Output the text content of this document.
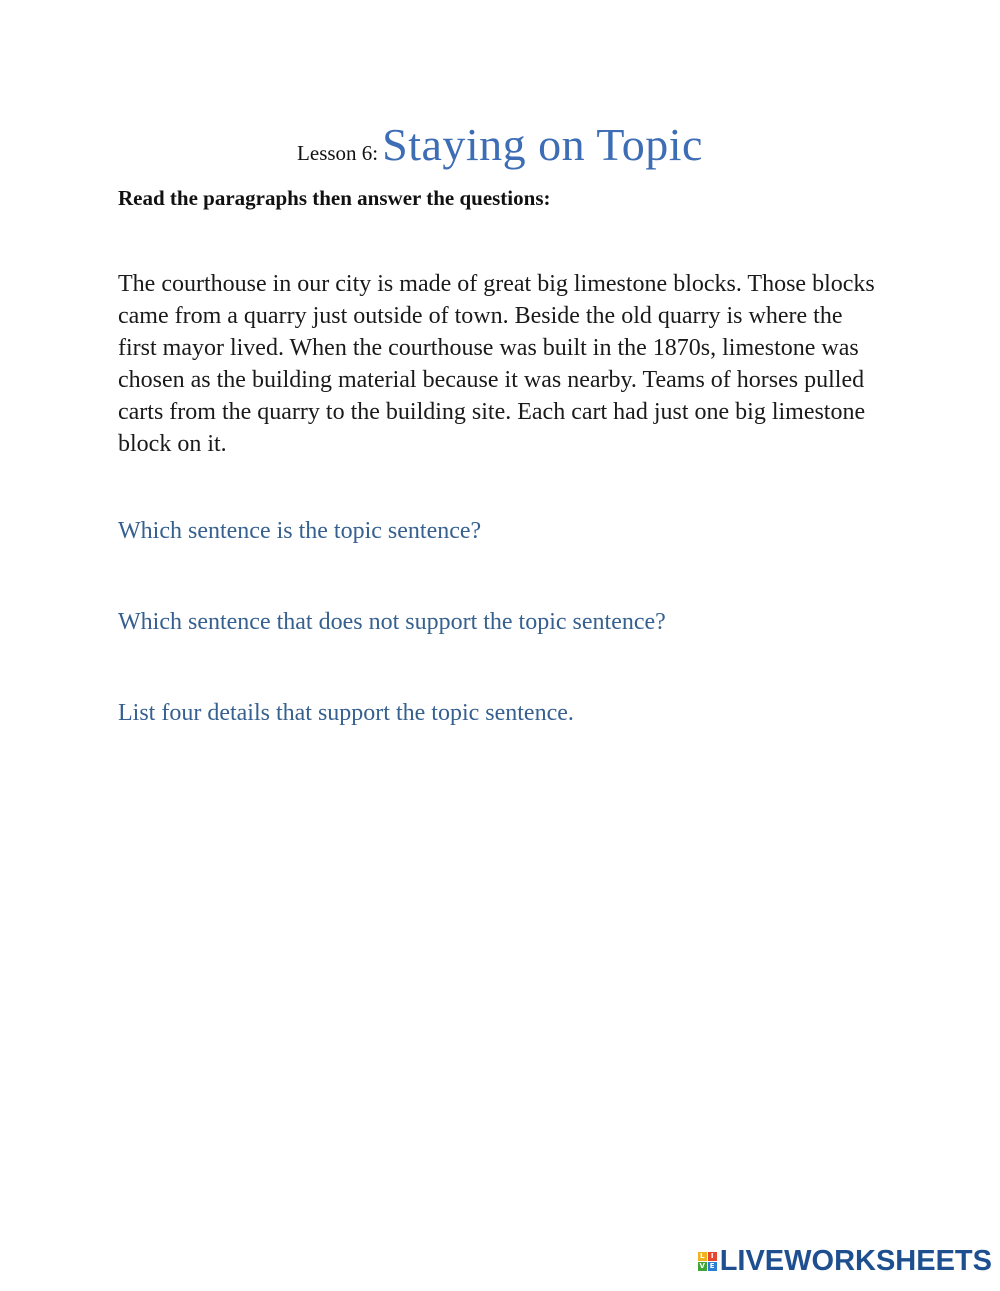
Lesson 6: Staying on Topic
Read the paragraphs then answer the questions:
The courthouse in our city is made of great big limestone blocks. Those blocks came from a quarry just outside of town. Beside the old quarry is where the first mayor lived. When the courthouse was built in the 1870s, limestone was chosen as the building material because it was nearby. Teams of horses pulled carts from the quarry to the building site. Each cart had just one big limestone block on it.
Which sentence is the topic sentence?
Which sentence that does not support the topic sentence?
List four details that support the topic sentence.
L I
V E LIVEWORKSHEETS
